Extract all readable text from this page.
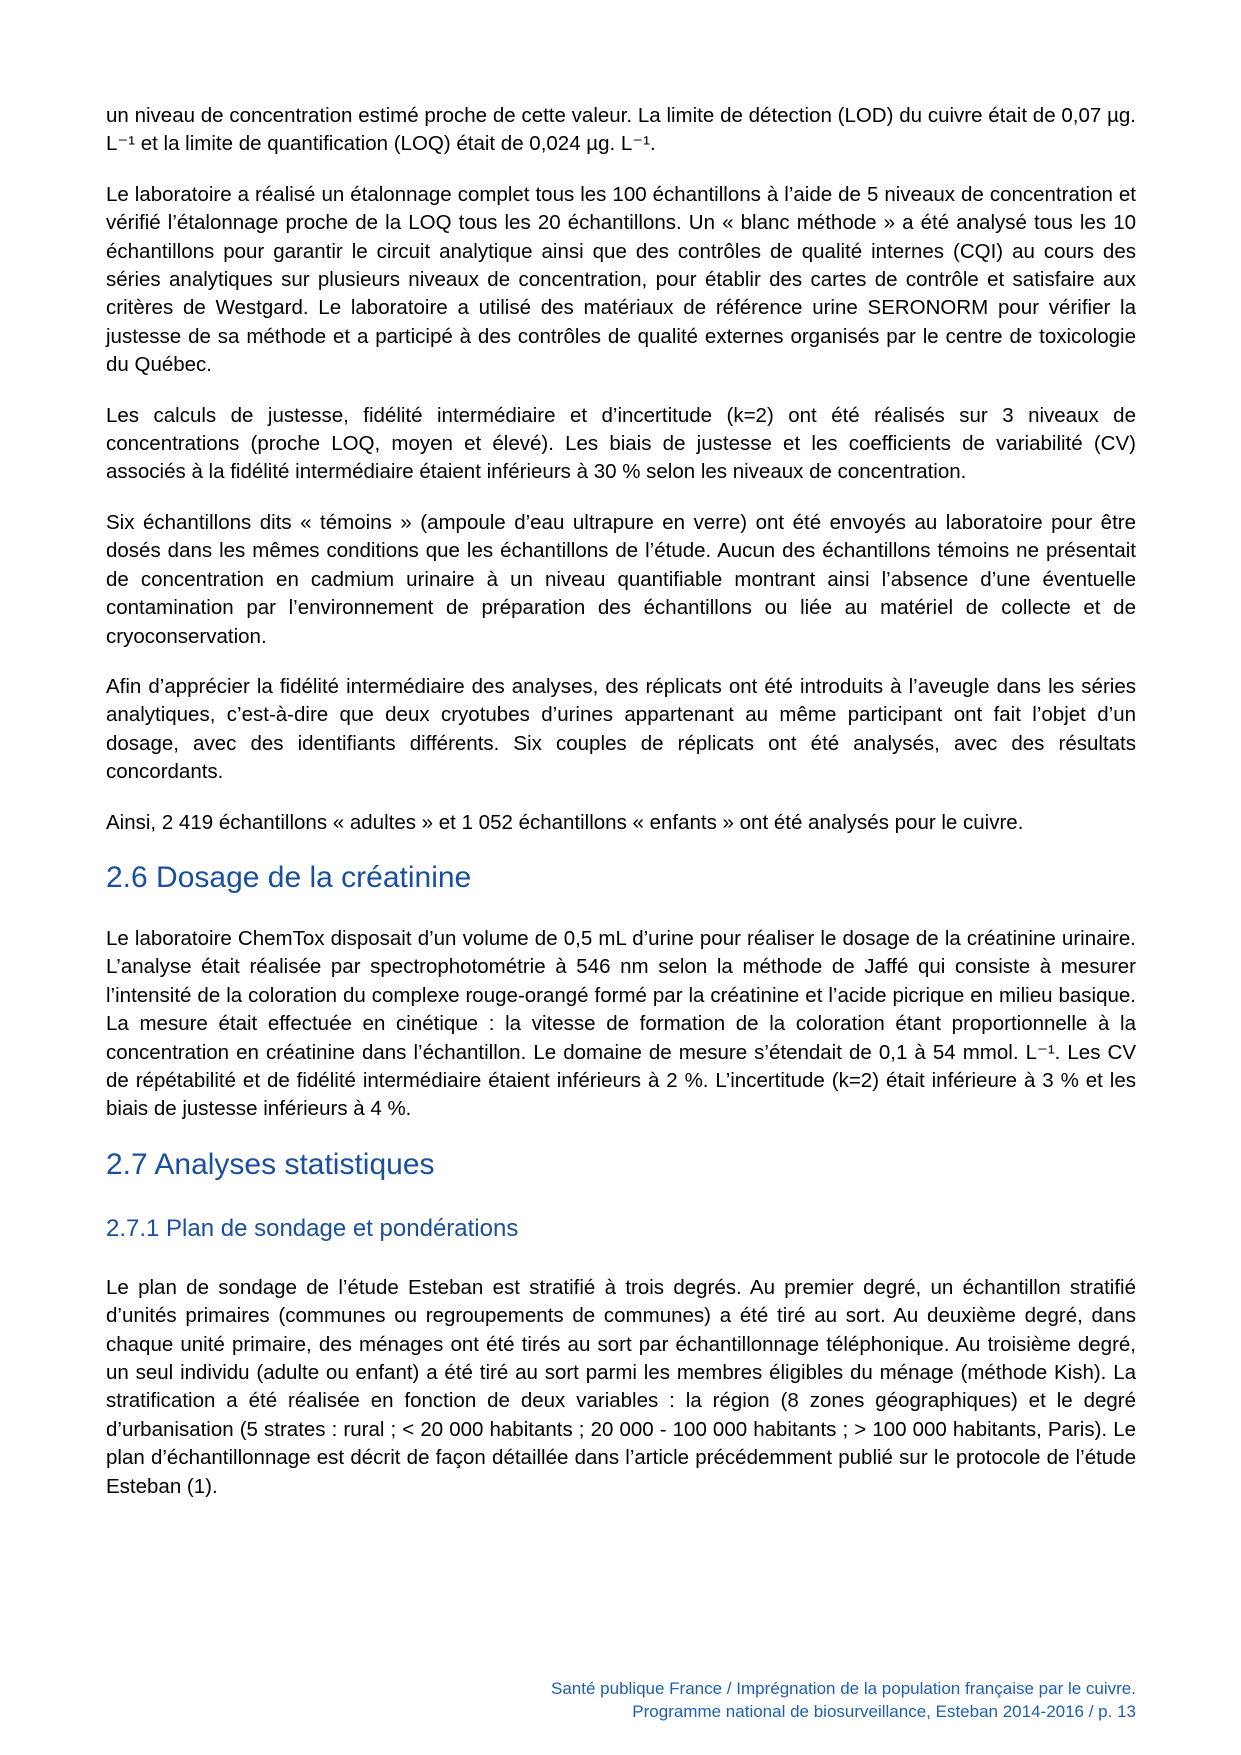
un niveau de concentration estimé proche de cette valeur. La limite de détection (LOD) du cuivre était de 0,07 µg. L⁻¹ et la limite de quantification (LOQ) était de 0,024 µg. L⁻¹.

Le laboratoire a réalisé un étalonnage complet tous les 100 échantillons à l’aide de 5 niveaux de concentration et vérifié l’étalonnage proche de la LOQ tous les 20 échantillons. Un « blanc méthode » a été analysé tous les 10 échantillons pour garantir le circuit analytique ainsi que des contrôles de qualité internes (CQI) au cours des séries analytiques sur plusieurs niveaux de concentration, pour établir des cartes de contrôle et satisfaire aux critères de Westgard. Le laboratoire a utilisé des matériaux de référence urine SERONORM pour vérifier la justesse de sa méthode et a participé à des contrôles de qualité externes organisés par le centre de toxicologie du Québec.

Les calculs de justesse, fidélité intermédiaire et d’incertitude (k=2) ont été réalisés sur 3 niveaux de concentrations (proche LOQ, moyen et élevé). Les biais de justesse et les coefficients de variabilité (CV) associés à la fidélité intermédiaire étaient inférieurs à 30 % selon les niveaux de concentration.

Six échantillons dits « témoins » (ampoule d’eau ultrapure en verre) ont été envoyés au laboratoire pour être dosés dans les mêmes conditions que les échantillons de l’étude. Aucun des échantillons témoins ne présentait de concentration en cadmium urinaire à un niveau quantifiable montrant ainsi l’absence d’une éventuelle contamination par l’environnement de préparation des échantillons ou liée au matériel de collecte et de cryoconservation.

Afin d’apprécier la fidélité intermédiaire des analyses, des réplicats ont été introduits à l’aveugle dans les séries analytiques, c’est-à-dire que deux cryotubes d’urines appartenant au même participant ont fait l’objet d’un dosage, avec des identifiants différents. Six couples de réplicats ont été analysés, avec des résultats concordants.

Ainsi, 2 419 échantillons « adultes » et 1 052 échantillons « enfants » ont été analysés pour le cuivre.

2.6 Dosage de la créatinine

Le laboratoire ChemTox disposait d’un volume de 0,5 mL d’urine pour réaliser le dosage de la créatinine urinaire. L’analyse était réalisée par spectrophotométrie à 546 nm selon la méthode de Jaffé qui consiste à mesurer l’intensité de la coloration du complexe rouge-orangé formé par la créatinine et l’acide picrique en milieu basique. La mesure était effectuée en cinétique : la vitesse de formation de la coloration étant proportionnelle à la concentration en créatinine dans l’échantillon. Le domaine de mesure s’étendait de 0,1 à 54 mmol. L⁻¹. Les CV de répétabilité et de fidélité intermédiaire étaient inférieurs à 2 %. L’incertitude (k=2) était inférieure à 3 % et les biais de justesse inférieurs à 4 %.

2.7 Analyses statistiques
2.7.1 Plan de sondage et pondérations

Le plan de sondage de l’étude Esteban est stratifié à trois degrés. Au premier degré, un échantillon stratifié d’unités primaires (communes ou regroupements de communes) a été tiré au sort. Au deuxième degré, dans chaque unité primaire, des ménages ont été tirés au sort par échantillonnage téléphonique. Au troisième degré, un seul individu (adulte ou enfant) a été tiré au sort parmi les membres éligibles du ménage (méthode Kish). La stratification a été réalisée en fonction de deux variables : la région (8 zones géographiques) et le degré d’urbanisation (5 strates : rural ; < 20 000 habitants ; 20 000 - 100 000 habitants ; > 100 000 habitants, Paris). Le plan d’échantillonnage est décrit de façon détaillée dans l’article précédemment publié sur le protocole de l’étude Esteban (1).

Santé publique France / Imprégnation de la population française par le cuivre.
Programme national de biosurveillance, Esteban 2014-2016 / p. 13
